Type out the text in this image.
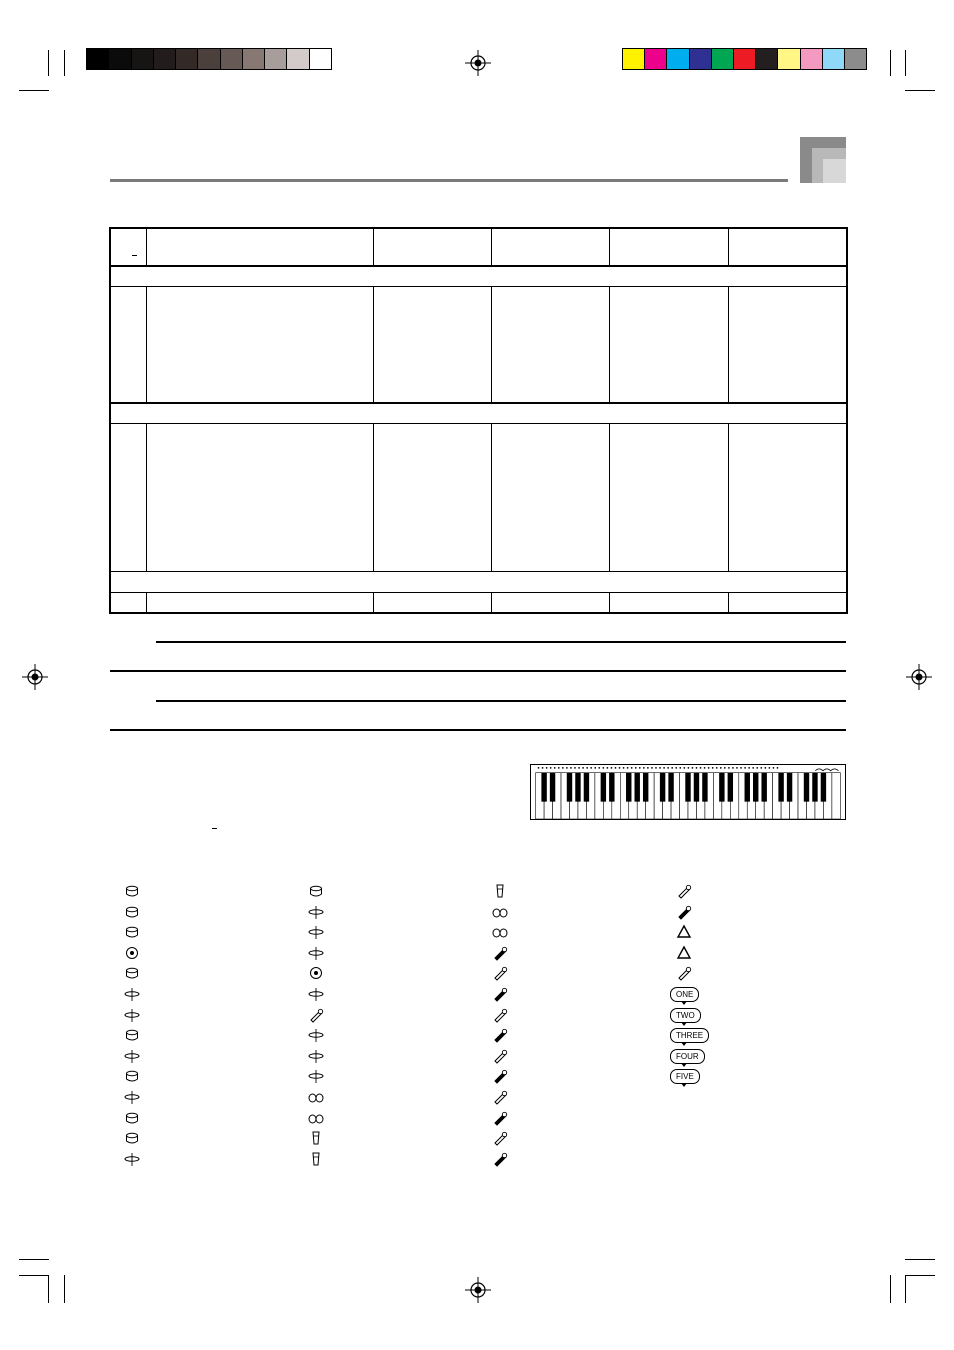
ONE
TWO
THREE
FOUR
FIVE
